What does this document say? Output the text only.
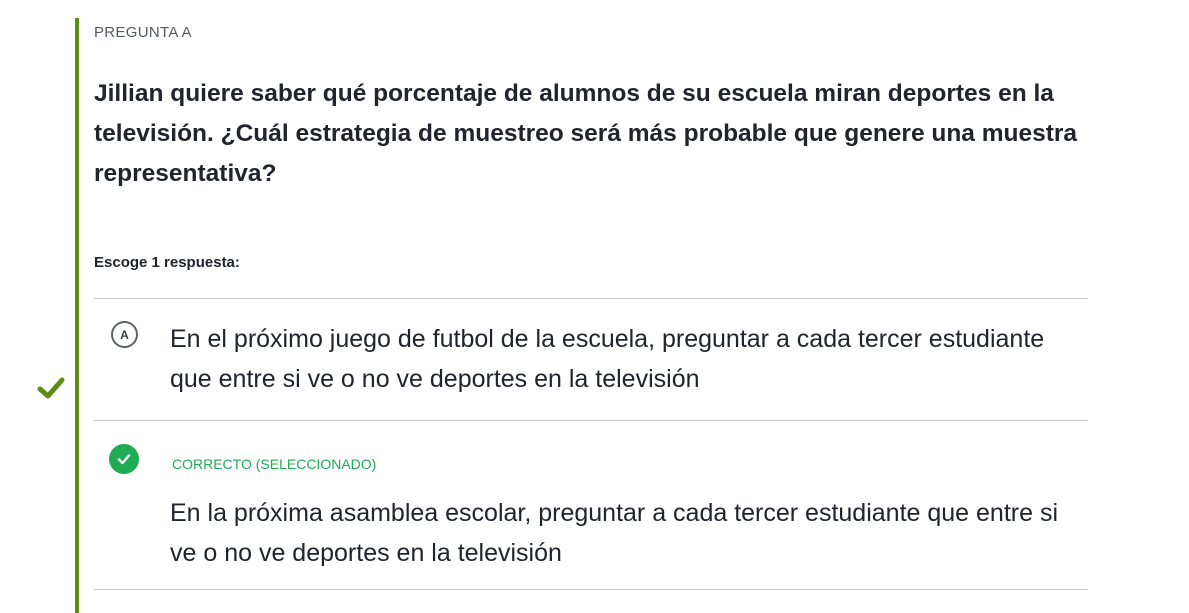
PREGUNTA A
Jillian quiere saber qué porcentaje de alumnos de su escuela miran deportes en la televisión. ¿Cuál estrategia de muestreo será más probable que genere una muestra representativa?
Escoge 1 respuesta:
A	En el próximo juego de futbol de la escuela, preguntar a cada tercer estudiante que entre si ve o no ve deportes en la televisión
CORRECTO (SELECCIONADO)
En la próxima asamblea escolar, preguntar a cada tercer estudiante que entre si ve o no ve deportes en la televisión
